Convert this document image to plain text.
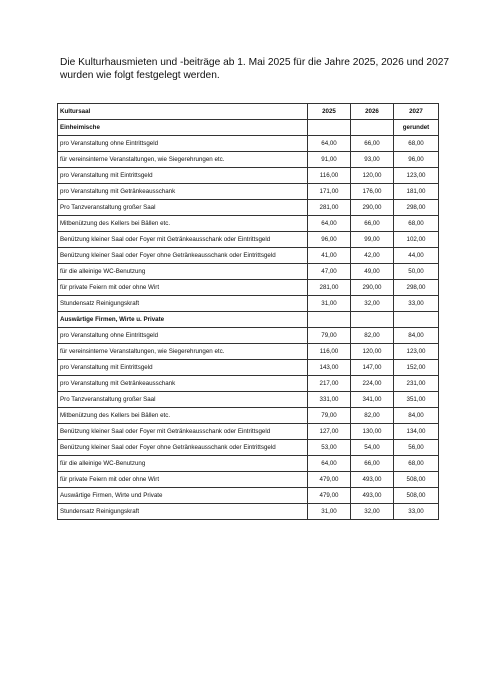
Die Kulturhausmieten und -beiträge ab 1. Mai 2025 für die Jahre 2025, 2026 und 2027 wurden wie folgt festgelegt werden.

Kultursaal	2025	2026	2027
Einheimische			gerundet
pro Veranstaltung ohne Eintrittsgeld	64,00	66,00	68,00
für vereinsinterne Veranstaltungen, wie Siegerehrungen etc.	91,00	93,00	96,00
pro Veranstaltung mit Eintrittsgeld	116,00	120,00	123,00
pro Veranstaltung mit Getränkeausschank	171,00	176,00	181,00
Pro Tanzveranstaltung großer Saal	281,00	290,00	298,00
Mitbenützung des Kellers bei Bällen etc.	64,00	66,00	68,00
Benützung kleiner Saal oder Foyer mit Getränkeausschank oder Eintrittsgeld	96,00	99,00	102,00
Benützung kleiner Saal oder Foyer ohne Getränkeausschank oder Eintrittsgeld	41,00	42,00	44,00
für die alleinige WC-Benutzung	47,00	49,00	50,00
für private Feiern mit oder ohne Wirt	281,00	290,00	298,00
Stundensatz Reinigungskraft	31,00	32,00	33,00
Auswärtige Firmen, Wirte u. Private			
pro Veranstaltung ohne Eintrittsgeld	79,00	82,00	84,00
für vereinsinterne Veranstaltungen, wie Siegerehrungen etc.	116,00	120,00	123,00
pro Veranstaltung mit Eintrittsgeld	143,00	147,00	152,00
pro Veranstaltung mit Getränkeausschank	217,00	224,00	231,00
Pro Tanzveranstaltung großer Saal	331,00	341,00	351,00
Mitbenützung des Kellers bei Bällen etc.	79,00	82,00	84,00
Benützung kleiner Saal oder Foyer mit Getränkeausschank oder Eintrittsgeld	127,00	130,00	134,00
Benützung kleiner Saal oder Foyer ohne Getränkeausschank oder Eintrittsgeld	53,00	54,00	56,00
für die alleinige WC-Benutzung	64,00	66,00	68,00
für private Feiern mit oder ohne Wirt	479,00	493,00	508,00
Auswärtige Firmen, Wirte und Private	479,00	493,00	508,00
Stundensatz Reinigungskraft	31,00	32,00	33,00
